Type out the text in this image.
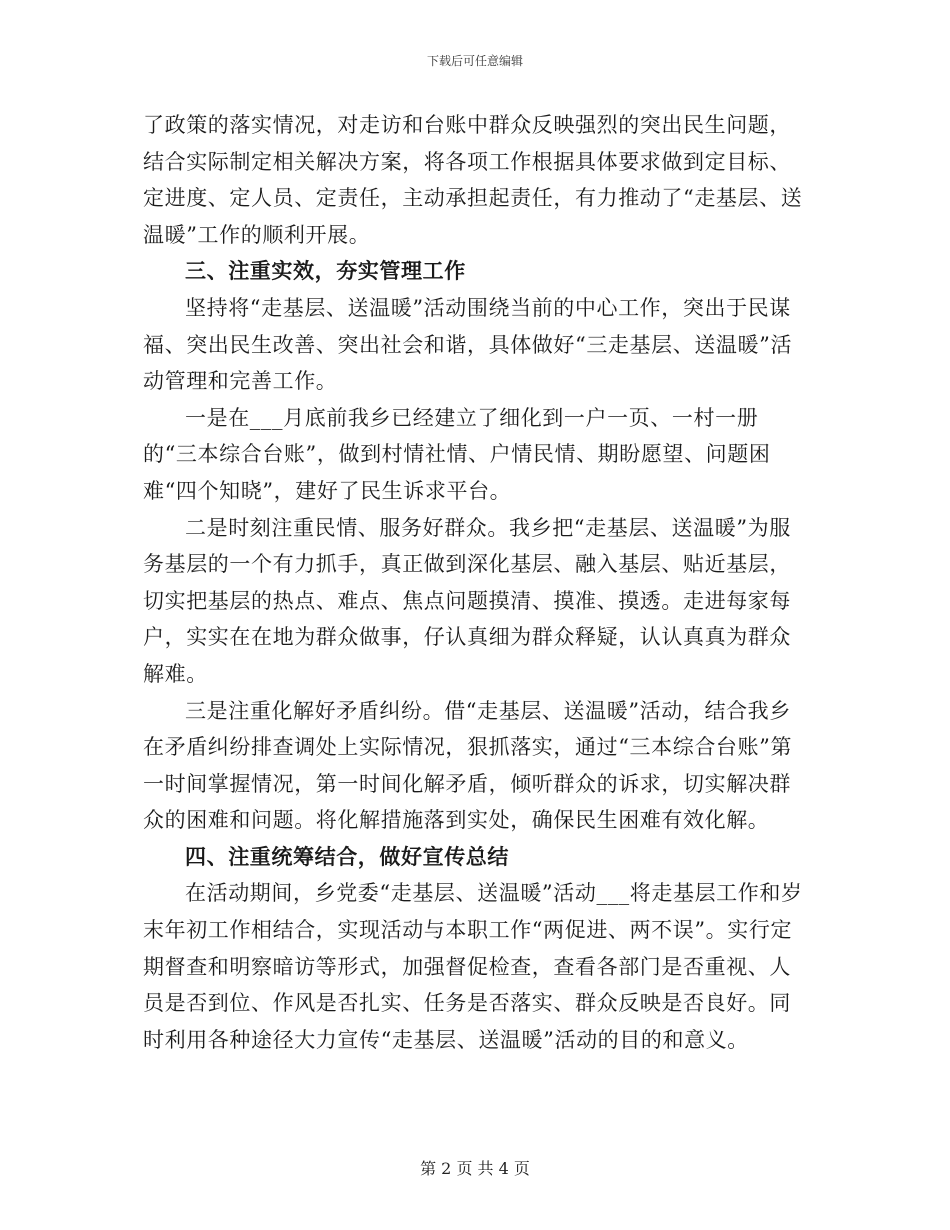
下载后可任意编辑

了政策的落实情况，对走访和台账中群众反映强烈的突出民生问题，结合实际制定相关解决方案，将各项工作根据具体要求做到定目标、定进度、定人员、定责任，主动承担起责任，有力推动了“走基层、送温暖”工作的顺利开展。

三、注重实效，夯实管理工作

坚持将“走基层、送温暖”活动围绕当前的中心工作，突出于民谋福、突出民生改善、突出社会和谐，具体做好“三走基层、送温暖”活动管理和完善工作。

一是在___月底前我乡已经建立了细化到一户一页、一村一册的“三本综合台账”，做到村情社情、户情民情、期盼愿望、问题困难“四个知晓”，建好了民生诉求平台。

二是时刻注重民情、服务好群众。我乡把“走基层、送温暖”为服务基层的一个有力抓手，真正做到深化基层、融入基层、贴近基层，切实把基层的热点、难点、焦点问题摸清、摸准、摸透。走进每家每户，实实在在地为群众做事，仔认真细为群众释疑，认认真真为群众解难。

三是注重化解好矛盾纠纷。借“走基层、送温暖”活动，结合我乡在矛盾纠纷排查调处上实际情况，狠抓落实，通过“三本综合台账”第一时间掌握情况，第一时间化解矛盾，倾听群众的诉求，切实解决群众的困难和问题。将化解措施落到实处，确保民生困难有效化解。

四、注重统筹结合，做好宣传总结

在活动期间，乡党委“走基层、送温暖”活动___将走基层工作和岁末年初工作相结合，实现活动与本职工作“两促进、两不误”。实行定期督查和明察暗访等形式，加强督促检查，查看各部门是否重视、人员是否到位、作风是否扎实、任务是否落实、群众反映是否良好。同时利用各种途径大力宣传“走基层、送温暖”活动的目的和意义。

第 2 页 共 4 页
